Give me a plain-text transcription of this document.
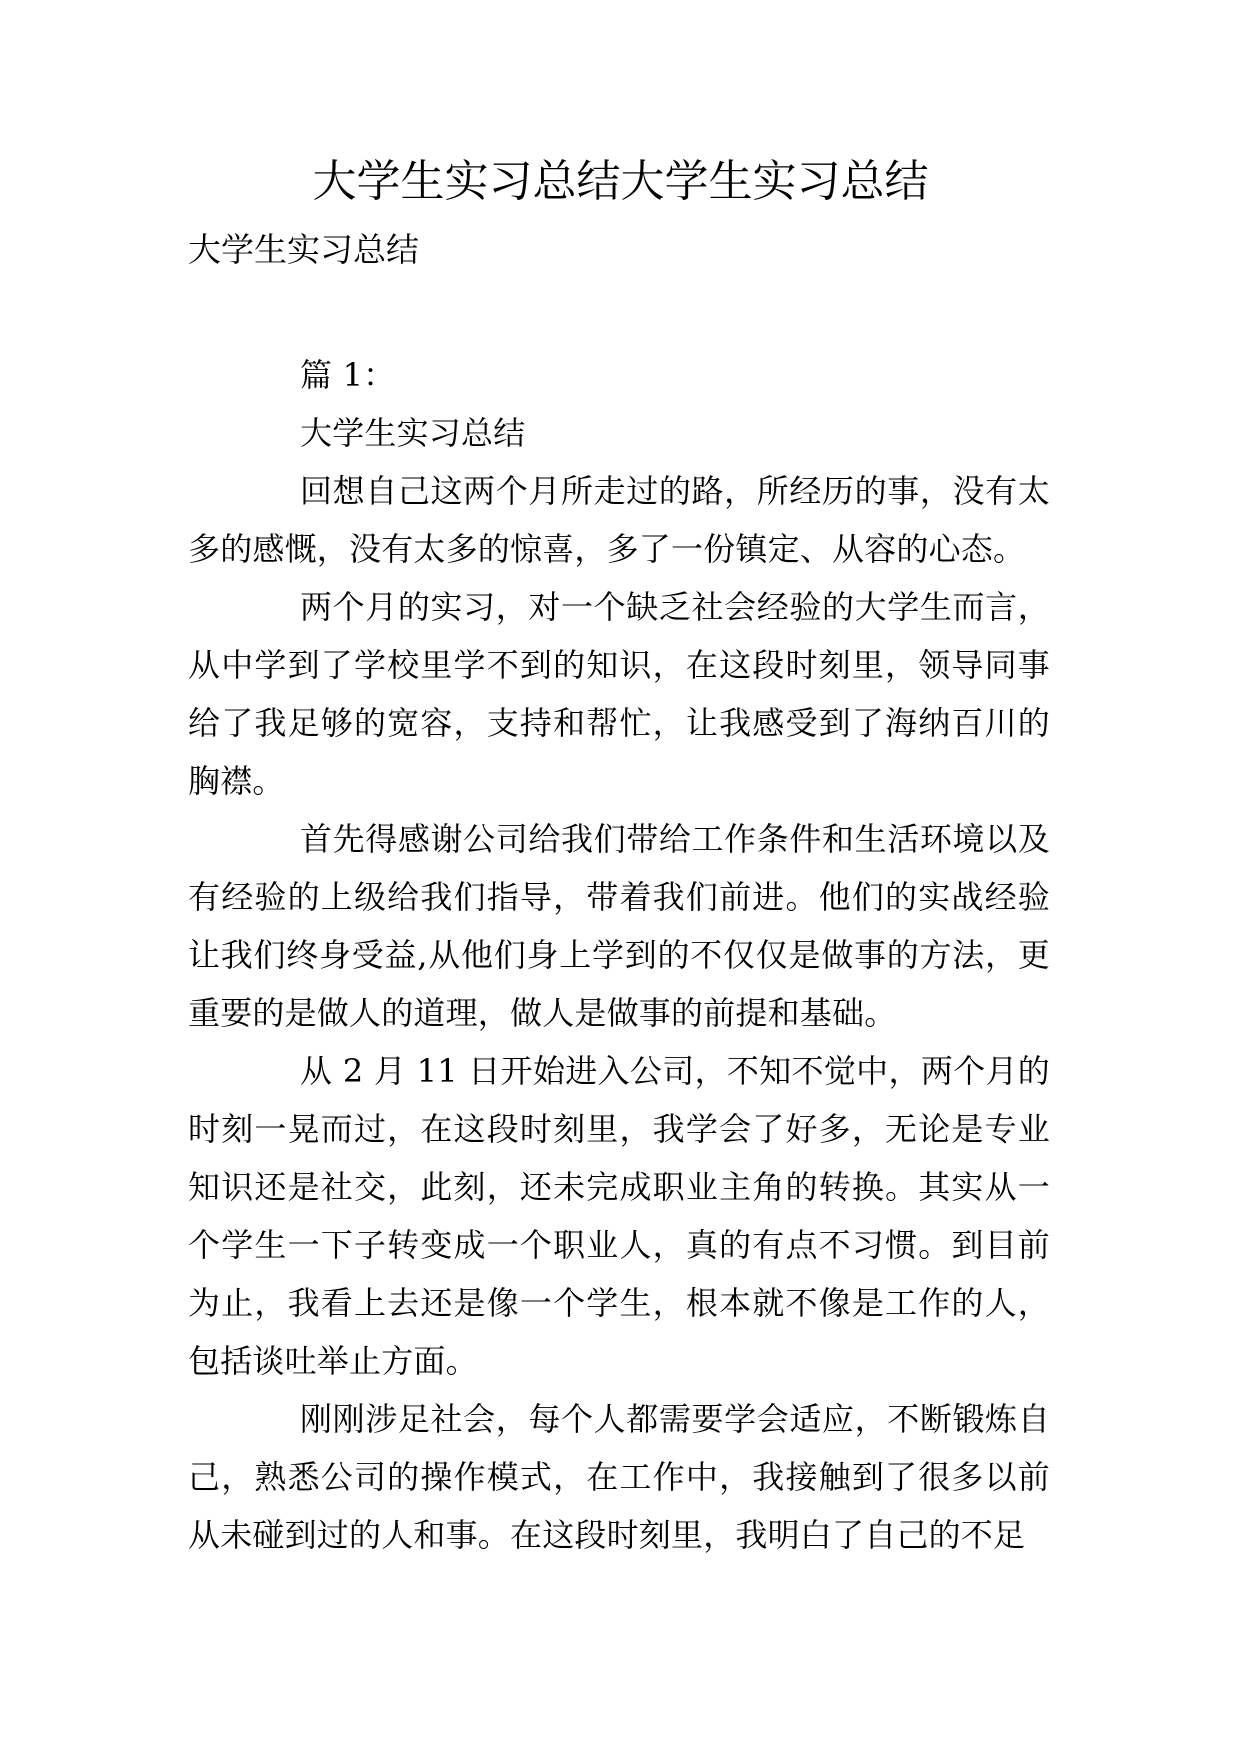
大学生实习总结大学生实习总结
大学生实习总结

篇 1：

大学生实习总结

回想自己这两个月所走过的路，所经历的事，没有太多的感慨，没有太多的惊喜，多了一份镇定、从容的心态。

两个月的实习，对一个缺乏社会经验的大学生而言，从中学到了学校里学不到的知识，在这段时刻里，领导同事给了我足够的宽容，支持和帮忙，让我感受到了海纳百川的胸襟。

首先得感谢公司给我们带给工作条件和生活环境以及有经验的上级给我们指导，带着我们前进。他们的实战经验让我们终身受益,从他们身上学到的不仅仅是做事的方法，更重要的是做人的道理，做人是做事的前提和基础。

从 2 月 11 日开始进入公司，不知不觉中，两个月的时刻一晃而过，在这段时刻里，我学会了好多，无论是专业知识还是社交，此刻，还未完成职业主角的转换。其实从一个学生一下子转变成一个职业人，真的有点不习惯。到目前为止，我看上去还是像一个学生，根本就不像是工作的人，包括谈吐举止方面。

刚刚涉足社会，每个人都需要学会适应，不断锻炼自己，熟悉公司的操作模式，在工作中，我接触到了很多以前从未碰到过的人和事。在这段时刻里，我明白了自己的不足
